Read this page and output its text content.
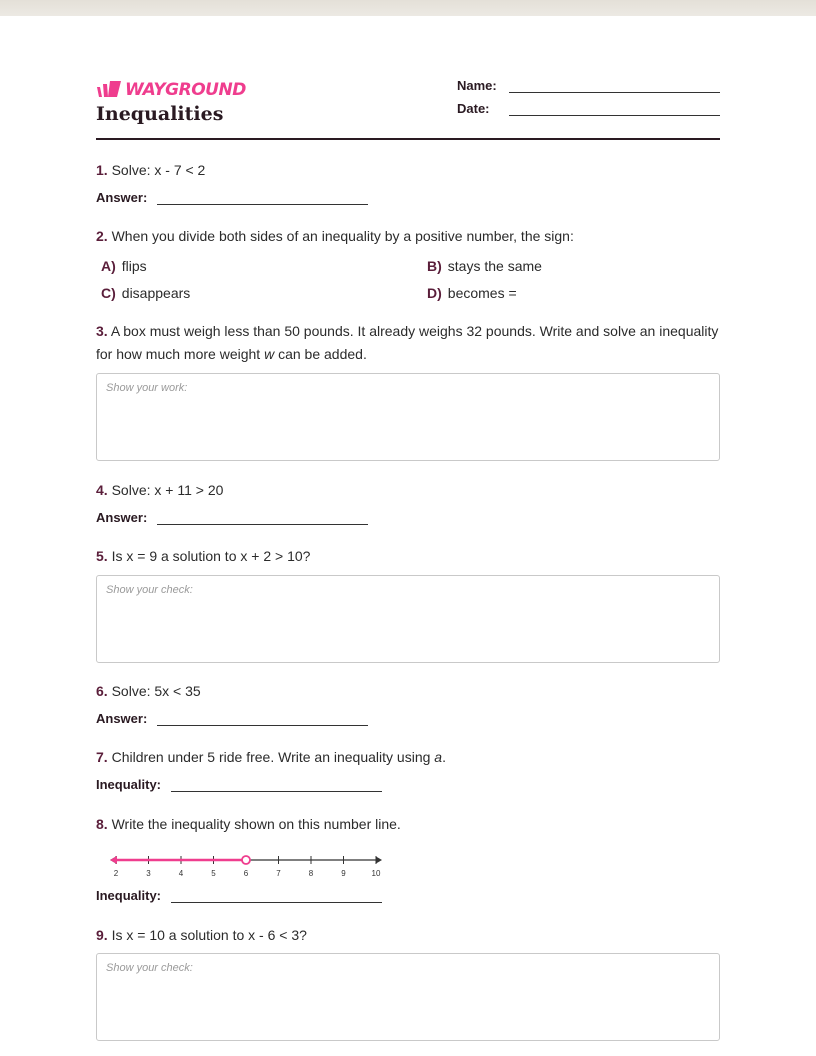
WAYGROUND
Inequalities
Name:
Date:
1. Solve: x - 7 < 2
Answer:
2. When you divide both sides of an inequality by a positive number, the sign:
A) flips	B) stays the same
C) disappears	D) becomes =
3. A box must weigh less than 50 pounds. It already weighs 32 pounds. Write and solve an inequality for how much more weight w can be added.
Show your work:
4. Solve: x + 11 > 20
Answer:
5. Is x = 9 a solution to x + 2 > 10?
Show your check:
6. Solve: 5x < 35
Answer:
7. Children under 5 ride free. Write an inequality using a.
Inequality:
8. Write the inequality shown on this number line.
2	3	4	5	6	7	8	9	10
Inequality:
9. Is x = 10 a solution to x - 6 < 3?
Show your check:
